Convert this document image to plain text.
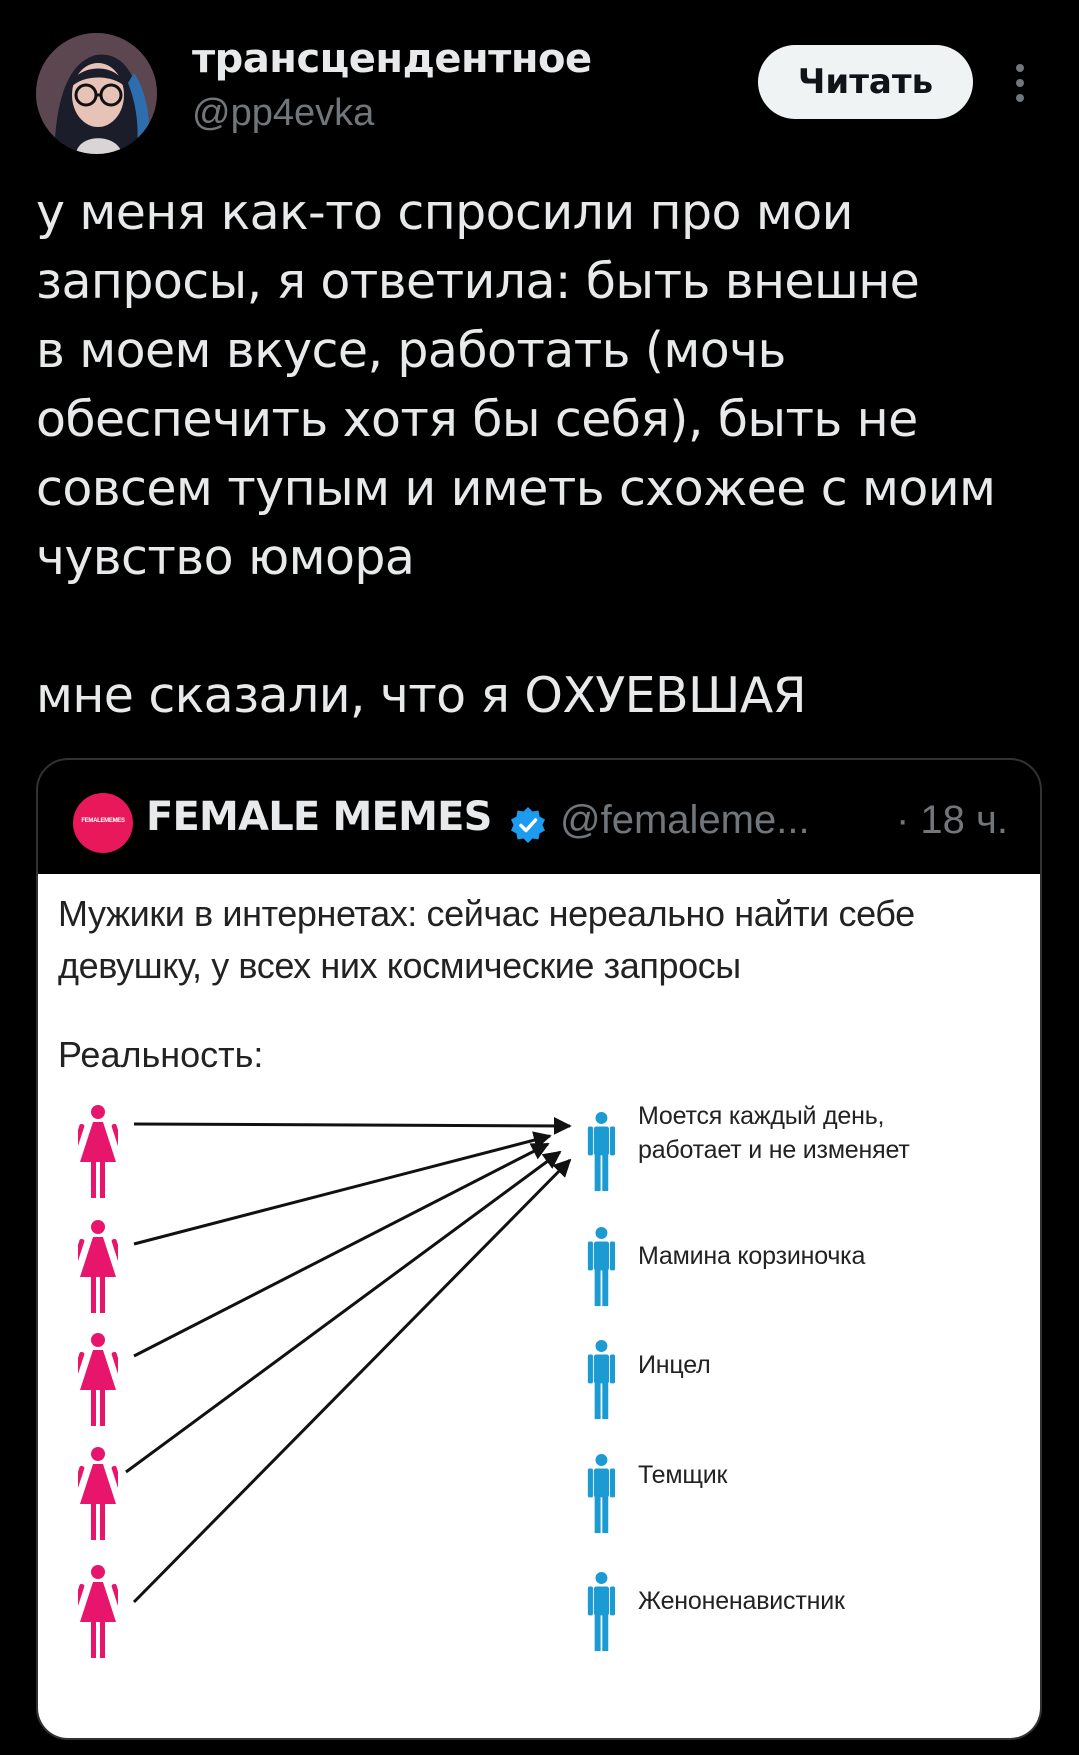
трансцендентное
@pp4evka
Читать

у меня как-то спросили про мои
запросы, я ответила: быть внешне
в моем вкусе, работать (мочь
обеспечить хотя бы себя), быть не
совсем тупым и иметь схожее с моим
чувство юмора

мне сказали, что я ОХУЕВШАЯ

FEMALEMEMES FEMALE MEMES @femaleme... · 18 ч.

Мужики в интернетах: сейчас нереально найти себе девушку, у всех них космические запросы

Реальность:
Моется каждый день,
работает и не изменяет
Мамина корзиночка
Инцел
Темщик
Женоненавистник
